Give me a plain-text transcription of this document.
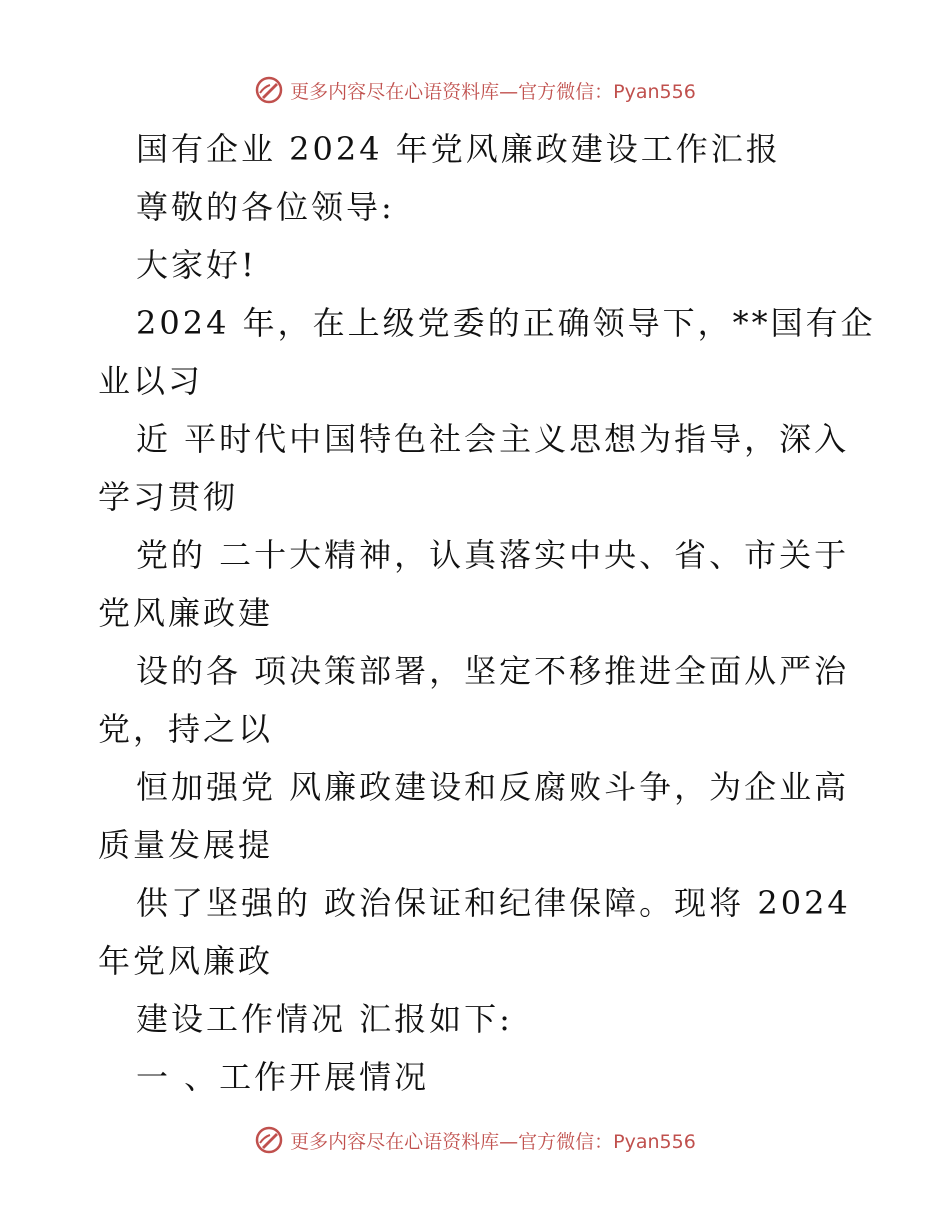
更多内容尽在心语资料库—官方微信：Pyan556
国有企业 2024 年党风廉政建设工作汇报
尊敬的各位领导:
大家好!
2024 年，在上级党委的正确领导下，**国有企
业以习
近 平时代中国特色社会主义思想为指导，深入
学习贯彻
党的 二十大精神，认真落实中央、省、市关于
党风廉政建
设的各 项决策部署，坚定不移推进全面从严治
党，持之以
恒加强党 风廉政建设和反腐败斗争，为企业高
质量发展提
供了坚强的 政治保证和纪律保障。现将 2024
年党风廉政
建设工作情况 汇报如下:
一 、工作开展情况
更多内容尽在心语资料库—官方微信：Pyan556
